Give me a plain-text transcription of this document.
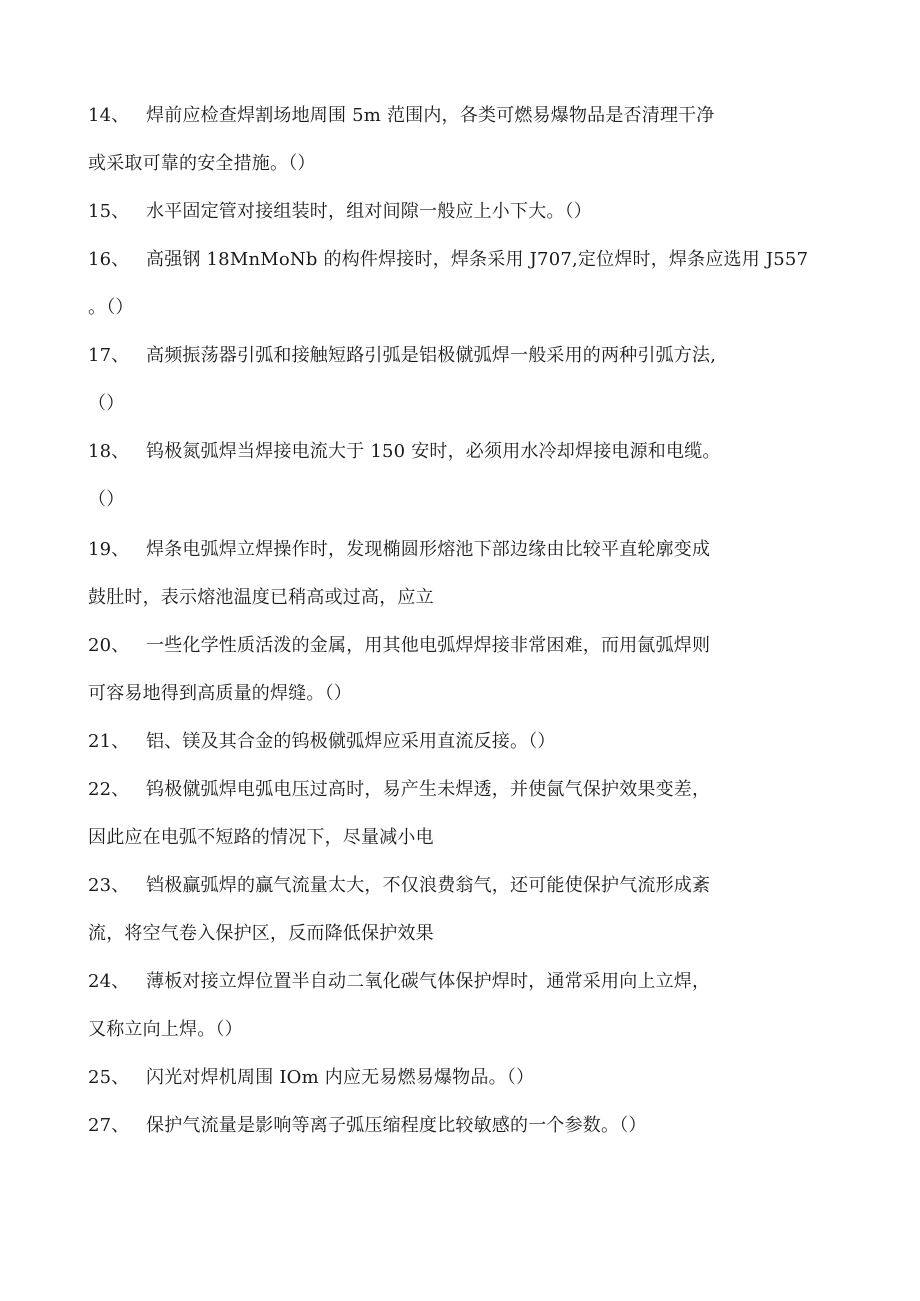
14、 焊前应检查焊割场地周围 5m 范围内，各类可燃易爆物品是否清理干净
或采取可靠的安全措施。（）
15、 水平固定管对接组装时，组对间隙一般应上小下大。（）
16、 高强钢 18MnMoNb 的构件焊接时，焊条采用 J707,定位焊时，焊条应选用 J557
。（）
17、 高频振荡器引弧和接触短路引弧是铝极僦弧焊一般采用的两种引弧方法,
（）
18、 钨极氮弧焊当焊接电流大于 150 安时，必须用水冷却焊接电源和电缆。
（）
19、 焊条电弧焊立焊操作时，发现椭圆形熔池下部边缘由比较平直轮廓变成
鼓肚时，表示熔池温度已稍高或过高，应立
20、 一些化学性质活泼的金属，用其他电弧焊焊接非常困难，而用氤弧焊则
可容易地得到高质量的焊缝。（）
21、 铝、镁及其合金的钨极僦弧焊应采用直流反接。（）
22、 钨极僦弧焊电弧电压过高时，易产生未焊透，并使氤气保护效果变差，
因此应在电弧不短路的情况下，尽量减小电
23、 铛极赢弧焊的赢气流量太大，不仅浪费翁气，还可能使保护气流形成紊
流，将空气卷入保护区，反而降低保护效果
24、 薄板对接立焊位置半自动二氧化碳气体保护焊时，通常采用向上立焊，
又称立向上焊。（）
25、 闪光对焊机周围 IOm 内应无易燃易爆物品。（）
27、 保护气流量是影响等离子弧压缩程度比较敏感的一个参数。（）
